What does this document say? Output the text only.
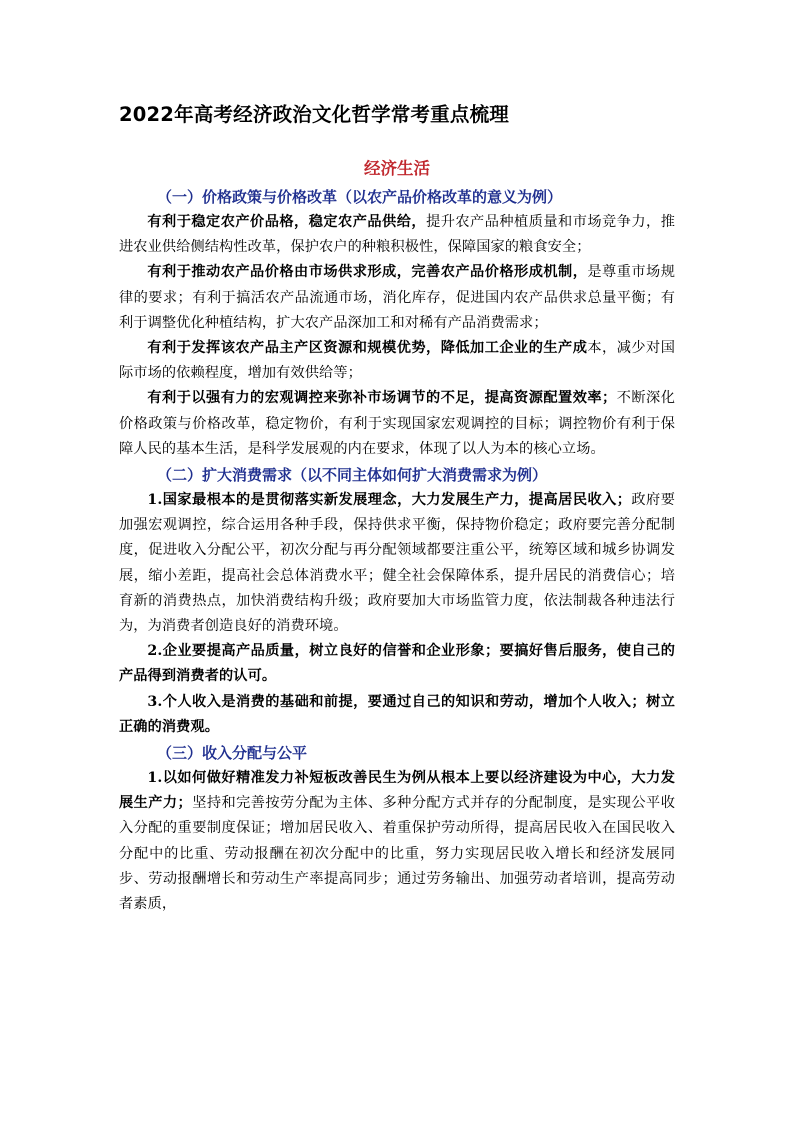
2022年高考经济政治文化哲学常考重点梳理
经济生活
（一）价格政策与价格改革（以农产品价格改革的意义为例）

有利于稳定农产价品格，稳定农产品供给，提升农产品种植质量和市场竞争力，推进农业供给侧结构性改革，保护农户的种粮积极性，保障国家的粮食安全；

有利于推动农产品价格由市场供求形成，完善农产品价格形成机制，是尊重市场规律的要求；有利于搞活农产品流通市场，消化库存，促进国内农产品供求总量平衡；有利于调整优化种植结构，扩大农产品深加工和对稀有产品消费需求；

有利于发挥该农产品主产区资源和规模优势，降低加工企业的生产成本，减少对国际市场的依赖程度，增加有效供给等；

有利于以强有力的宏观调控来弥补市场调节的不足，提高资源配置效率；不断深化价格政策与价格改革，稳定物价，有利于实现国家宏观调控的目标；调控物价有利于保障人民的基本生活，是科学发展观的内在要求，体现了以人为本的核心立场。

（二）扩大消费需求（以不同主体如何扩大消费需求为例）

1.国家最根本的是贯彻落实新发展理念，大力发展生产力，提高居民收入；政府要加强宏观调控，综合运用各种手段，保持供求平衡，保持物价稳定；政府要完善分配制度，促进收入分配公平，初次分配与再分配领域都要注重公平，统筹区域和城乡协调发展，缩小差距，提高社会总体消费水平；健全社会保障体系，提升居民的消费信心；培育新的消费热点，加快消费结构升级；政府要加大市场监管力度，依法制裁各种违法行为，为消费者创造良好的消费环境。

2.企业要提高产品质量，树立良好的信誉和企业形象；要搞好售后服务，使自己的产品得到消费者的认可。

3.个人收入是消费的基础和前提，要通过自己的知识和劳动，增加个人收入；树立正确的消费观。

（三）收入分配与公平

1.以如何做好精准发力补短板改善民生为例从根本上要以经济建设为中心，大力发展生产力；坚持和完善按劳分配为主体、多种分配方式并存的分配制度，是实现公平收入分配的重要制度保证；增加居民收入、着重保护劳动所得，提高居民收入在国民收入分配中的比重、劳动报酬在初次分配中的比重，努力实现居民收入增长和经济发展同步、劳动报酬增长和劳动生产率提高同步；通过劳务输出、加强劳动者培训，提高劳动者素质，
